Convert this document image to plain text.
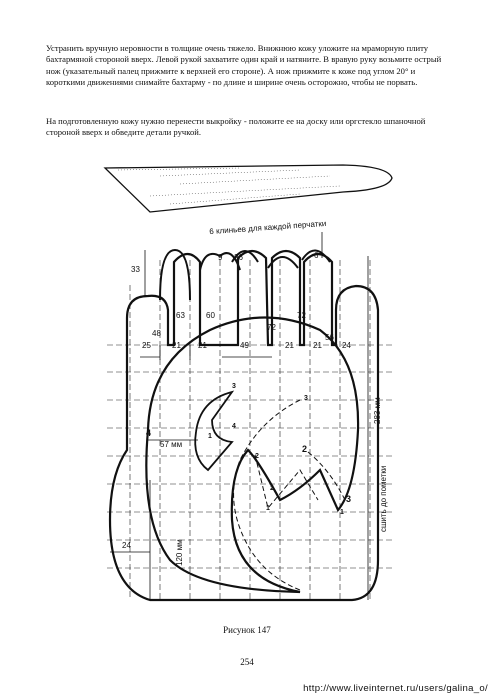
Устранить вручную неровности в толщине очень тяжело. Внижнюю кожу уложите на мраморную плиту бахтармяной стороной вверх. Левой рукой захватите один край и натяните. В вравую руку возьмите острый нож (указательный палец прижмите к верхней его стороне). А нож прижмите к коже под углом 20° и короткими движениями снимайте бахтарму - по длине и ширине очень осторожно, чтобы не порвать.

На подготовленную кожу нужно перенести выкройку - положите ее на доску или оргстекло шпаночной стороной вверх и обведите детали ручкой.

6 клиньев для каждой перчатки
33
9 26	6
63	60
72
72
48
25	21 21	49	21 21
56
24
57 мм
24	120 мм
283 мм
сшить до пометки
4
3
1
4
3
2
2
2
1
1
3
Рисунок 147
254
http://www.liveinternet.ru/users/galina_o/
